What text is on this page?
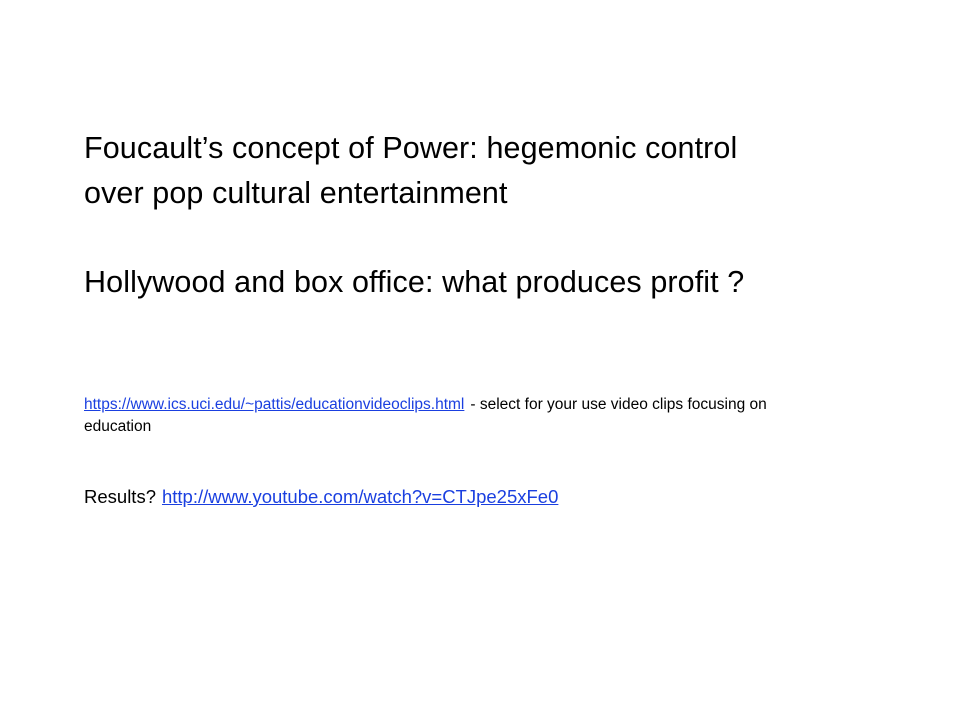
Foucault’s concept of Power: hegemonic control over pop cultural entertainment
Hollywood and box office: what produces profit ?

https://www.ics.uci.edu/~pattis/educationvideoclips.html - select for your use video clips focusing on education

Results? http://www.youtube.com/watch?v=CTJpe25xFe0
